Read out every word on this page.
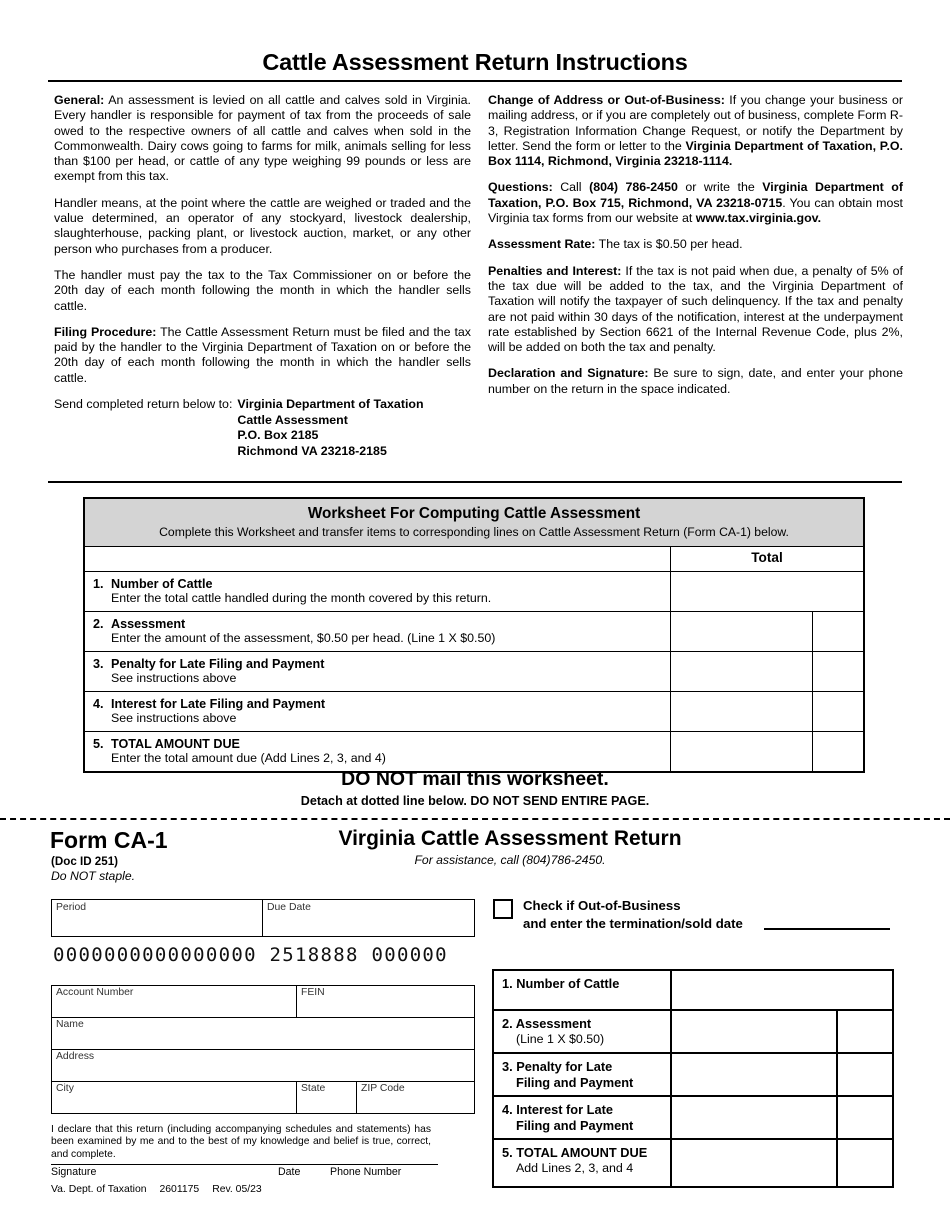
Cattle Assessment Return Instructions

General: An assessment is levied on all cattle and calves sold in Virginia. Every handler is responsible for payment of tax from the proceeds of sale owed to the respective owners of all cattle and calves when sold in the Commonwealth. Dairy cows going to farms for milk, animals selling for less than $100 per head, or cattle of any type weighing 99 pounds or less are exempt from this tax.

Handler means, at the point where the cattle are weighed or traded and the value determined, an operator of any stockyard, livestock dealership, slaughterhouse, packing plant, or livestock auction, market, or any other person who purchases from a producer.

The handler must pay the tax to the Tax Commissioner on or before the 20th day of each month following the month in which the handler sells cattle.

Filing Procedure: The Cattle Assessment Return must be filed and the tax paid by the handler to the Virginia Department of Taxation on or before the 20th day of each month following the month in which the handler sells cattle.

Send completed return below to: Virginia Department of Taxation
Cattle Assessment
P.O. Box 2185
Richmond VA 23218-2185

Change of Address or Out-of-Business: If you change your business or mailing address, or if you are completely out of business, complete Form R-3, Registration Information Change Request, or notify the Department by letter. Send the form or letter to the Virginia Department of Taxation, P.O. Box 1114, Richmond, Virginia 23218-1114.

Questions: Call (804) 786-2450 or write the Virginia Department of Taxation, P.O. Box 715, Richmond, VA 23218-0715. You can obtain most Virginia tax forms from our website at www.tax.virginia.gov.

Assessment Rate: The tax is $0.50 per head.

Penalties and Interest: If the tax is not paid when due, a penalty of 5% of the tax due will be added to the tax, and the Virginia Department of Taxation will notify the taxpayer of such delinquency. If the tax and penalty are not paid within 30 days of the notification, interest at the underpayment rate established by Section 6621 of the Internal Revenue Code, plus 2%, will be added on both the tax and penalty.

Declaration and Signature: Be sure to sign, date, and enter your phone number on the return in the space indicated.

Worksheet For Computing Cattle Assessment
Complete this Worksheet and transfer items to corresponding lines on Cattle Assessment Return (Form CA-1) below.

Total
1. Number of Cattle
Enter the total cattle handled during the month covered by this return.
2. Assessment
Enter the amount of the assessment, $0.50 per head. (Line 1 X $0.50)
3. Penalty for Late Filing and Payment
See instructions above
4. Interest for Late Filing and Payment
See instructions above
5. TOTAL AMOUNT DUE
Enter the total amount due (Add Lines 2, 3, and 4)
DO NOT mail this worksheet.
Detach at dotted line below. DO NOT SEND ENTIRE PAGE.
Form CA-1
(Doc ID 251)
Do NOT staple.
Virginia Cattle Assessment Return
For assistance, call (804)786-2450.
Period	Due Date
0000000000000000 2518888 000000
Account Number	FEIN
Name
Address
City	State	ZIP Code
I declare that this return (including accompanying schedules and statements) has been examined by me and to the best of my knowledge and belief is true, correct, and complete.
Signature	Date	Phone Number
Va. Dept. of Taxation 2601175 Rev. 05/23
Check if Out-of-Business
and enter the termination/sold date
1. Number of Cattle
2. Assessment
(Line 1 X $0.50)
3. Penalty for Late
Filing and Payment
4. Interest for Late
Filing and Payment
5. TOTAL AMOUNT DUE
Add Lines 2, 3, and 4
